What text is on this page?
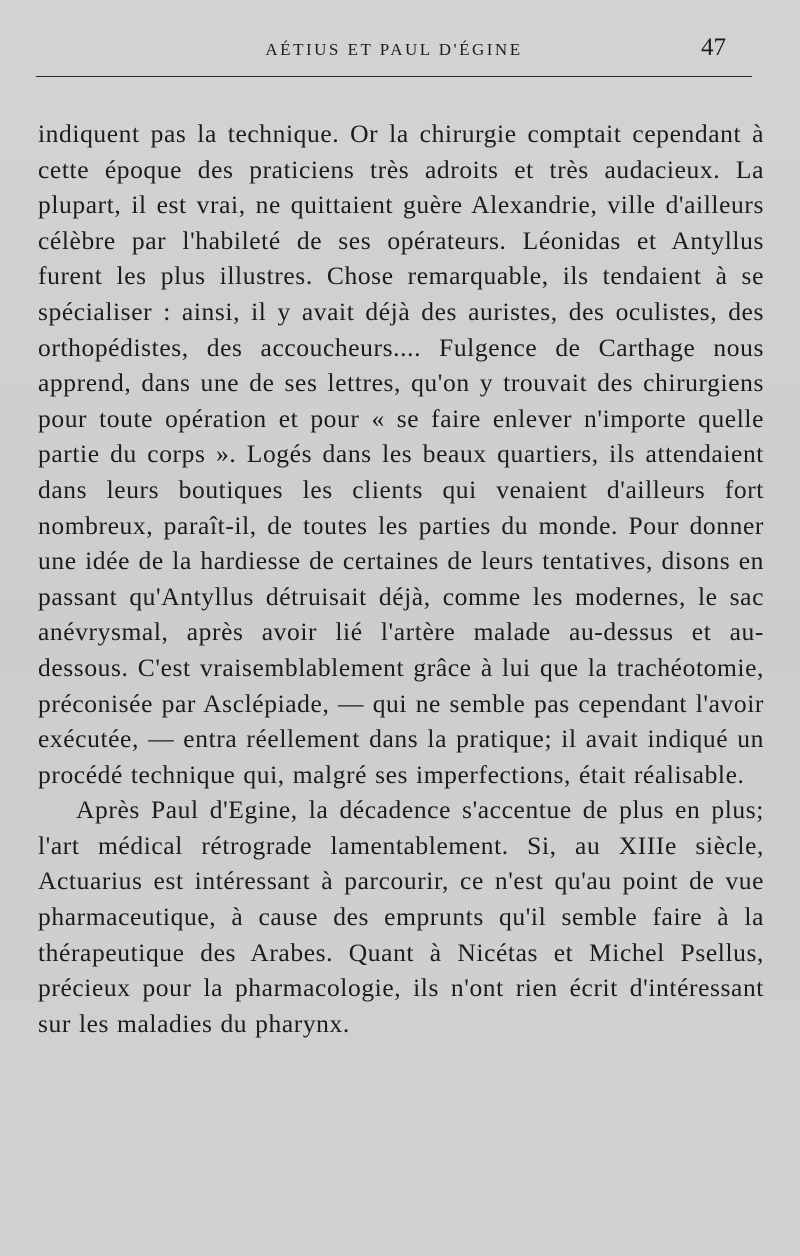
AÉTIUS ET PAUL D'ÉGINE	47

indiquent pas la technique. Or la chirurgie comptait cependant à cette époque des praticiens très adroits et très audacieux. La plupart, il est vrai, ne quittaient guère Alexandrie, ville d'ailleurs célèbre par l'habileté de ses opérateurs. Léonidas et Antyllus furent les plus illustres. Chose remarquable, ils tendaient à se spécialiser : ainsi, il y avait déjà des auristes, des oculistes, des orthopédistes, des accoucheurs.... Fulgence de Carthage nous apprend, dans une de ses lettres, qu'on y trouvait des chirurgiens pour toute opération et pour « se faire enlever n'importe quelle partie du corps ». Logés dans les beaux quartiers, ils attendaient dans leurs boutiques les clients qui venaient d'ailleurs fort nombreux, paraît-il, de toutes les parties du monde. Pour donner une idée de la hardiesse de certaines de leurs tentatives, disons en passant qu'Antyllus détruisait déjà, comme les modernes, le sac anévrysmal, après avoir lié l'artère malade au-dessus et au-dessous. C'est vraisemblablement grâce à lui que la trachéotomie, préconisée par Asclépiade, — qui ne semble pas cependant l'avoir exécutée, — entra réellement dans la pratique; il avait indiqué un procédé technique qui, malgré ses imperfections, était réalisable.

Après Paul d'Egine, la décadence s'accentue de plus en plus; l'art médical rétrograde lamentablement. Si, au XIIIe siècle, Actuarius est intéressant à parcourir, ce n'est qu'au point de vue pharmaceutique, à cause des emprunts qu'il semble faire à la thérapeutique des Arabes. Quant à Nicétas et Michel Psellus, précieux pour la pharmacologie, ils n'ont rien écrit d'intéressant sur les maladies du pharynx.
